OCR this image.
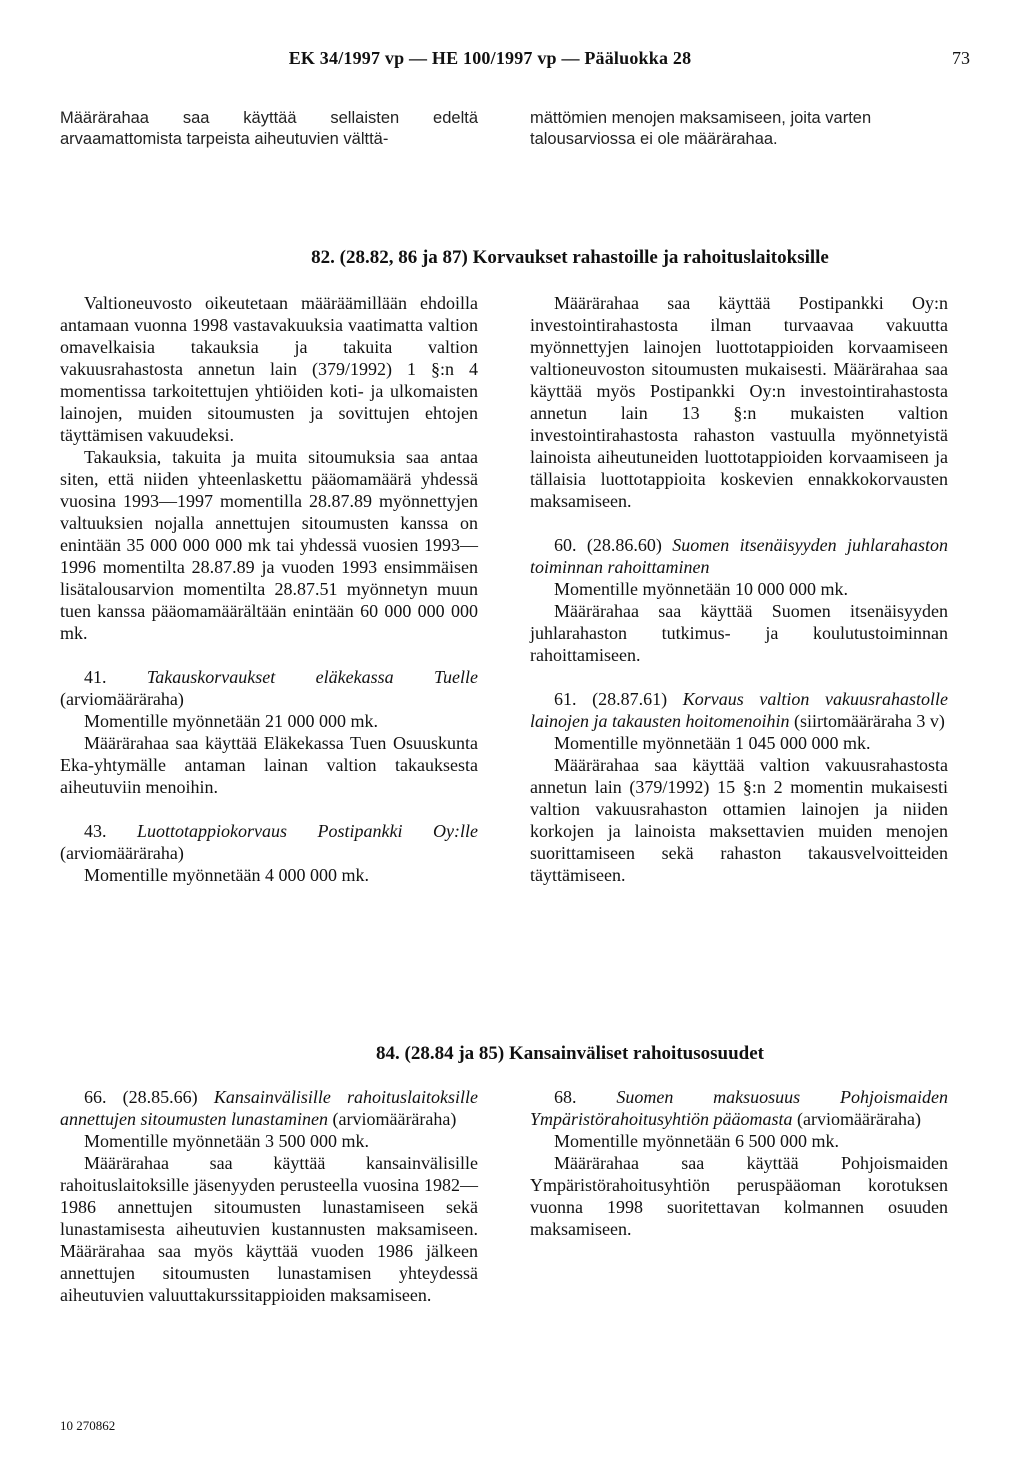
EK 34/1997 vp — HE 100/1997 vp — Pääluokka 28	73

Määrärahaa saa käyttää sellaisten edeltä arvaamattomista tarpeista aiheutuvien välttä-

mättömien menojen maksamiseen, joita varten talousarviossa ei ole määrärahaa.

82. (28.82, 86 ja 87) Korvaukset rahastoille ja rahoituslaitoksille

Valtioneuvosto oikeutetaan määräämillään ehdoilla antamaan vuonna 1998 vastavakuuksia vaatimatta valtion omavelkaisia takauksia ja takuita valtion vakuusrahastosta annetun lain (379/1992) 1 §:n 4 momentissa tarkoitettujen yhtiöiden koti- ja ulkomaisten lainojen, muiden sitoumusten ja sovittujen ehtojen täyttämisen vakuudeksi.

Takauksia, takuita ja muita sitoumuksia saa antaa siten, että niiden yhteenlaskettu pääomamäärä yhdessä vuosina 1993—1997 momentilla 28.87.89 myönnettyjen valtuuksien nojalla annettujen sitoumusten kanssa on enintään 35 000 000 000 mk tai yhdessä vuosien 1993—1996 momentilta 28.87.89 ja vuoden 1993 ensimmäisen lisätalousarvion momentilta 28.87.51 myönnetyn muun tuen kanssa pääomamäärältään enintään 60 000 000 000 mk.

41. Takauskorvaukset eläkekassa Tuelle (arviomääräraha)

Momentille myönnetään 21 000 000 mk.

Määrärahaa saa käyttää Eläkekassa Tuen Osuuskunta Eka-yhtymälle antaman lainan valtion takauksesta aiheutuviin menoihin.

43. Luottotappiokorvaus Postipankki Oy:lle (arviomääräraha)

Momentille myönnetään 4 000 000 mk.

Määrärahaa saa käyttää Postipankki Oy:n investointirahastosta ilman turvaavaa vakuutta myönnettyjen lainojen luottotappioiden korvaamiseen valtioneuvoston sitoumusten mukaisesti. Määrärahaa saa käyttää myös Postipankki Oy:n investointirahastosta annetun lain 13 §:n mukaisten valtion investointirahastosta rahaston vastuulla myönnetyistä lainoista aiheutuneiden luottotappioiden korvaamiseen ja tällaisia luottotappioita koskevien ennakkokorvausten maksamiseen.

60. (28.86.60) Suomen itsenäisyyden juhlarahaston toiminnan rahoittaminen

Momentille myönnetään 10 000 000 mk.

Määrärahaa saa käyttää Suomen itsenäisyyden juhlarahaston tutkimus- ja koulutustoiminnan rahoittamiseen.

61. (28.87.61) Korvaus valtion vakuusrahastolle lainojen ja takausten hoitomenoihin (siirtomääräraha 3 v)

Momentille myönnetään 1 045 000 000 mk.

Määrärahaa saa käyttää valtion vakuusrahastosta annetun lain (379/1992) 15 §:n 2 momentin mukaisesti valtion vakuusrahaston ottamien lainojen ja niiden korkojen ja lainoista maksettavien muiden menojen suorittamiseen sekä rahaston takausvelvoitteiden täyttämiseen.

84. (28.84 ja 85) Kansainväliset rahoitusosuudet

66. (28.85.66) Kansainvälisille rahoituslaitoksille annettujen sitoumusten lunastaminen (arviomääräraha)

Momentille myönnetään 3 500 000 mk.

Määrärahaa saa käyttää kansainvälisille rahoituslaitoksille jäsenyyden perusteella vuosina 1982—1986 annettujen sitoumusten lunastamiseen sekä lunastamisesta aiheutuvien kustannusten maksamiseen. Määrärahaa saa myös käyttää vuoden 1986 jälkeen annettujen sitoumusten lunastamisen yhteydessä aiheutuvien valuuttakurssitappioiden maksamiseen.

68. Suomen maksuosuus Pohjoismaiden Ympäristörahoitusyhtiön pääomasta (arviomääräraha)

Momentille myönnetään 6 500 000 mk.

Määrärahaa saa käyttää Pohjoismaiden Ympäristörahoitusyhtiön peruspääoman korotuksen vuonna 1998 suoritettavan kolmannen osuuden maksamiseen.

10 270862
